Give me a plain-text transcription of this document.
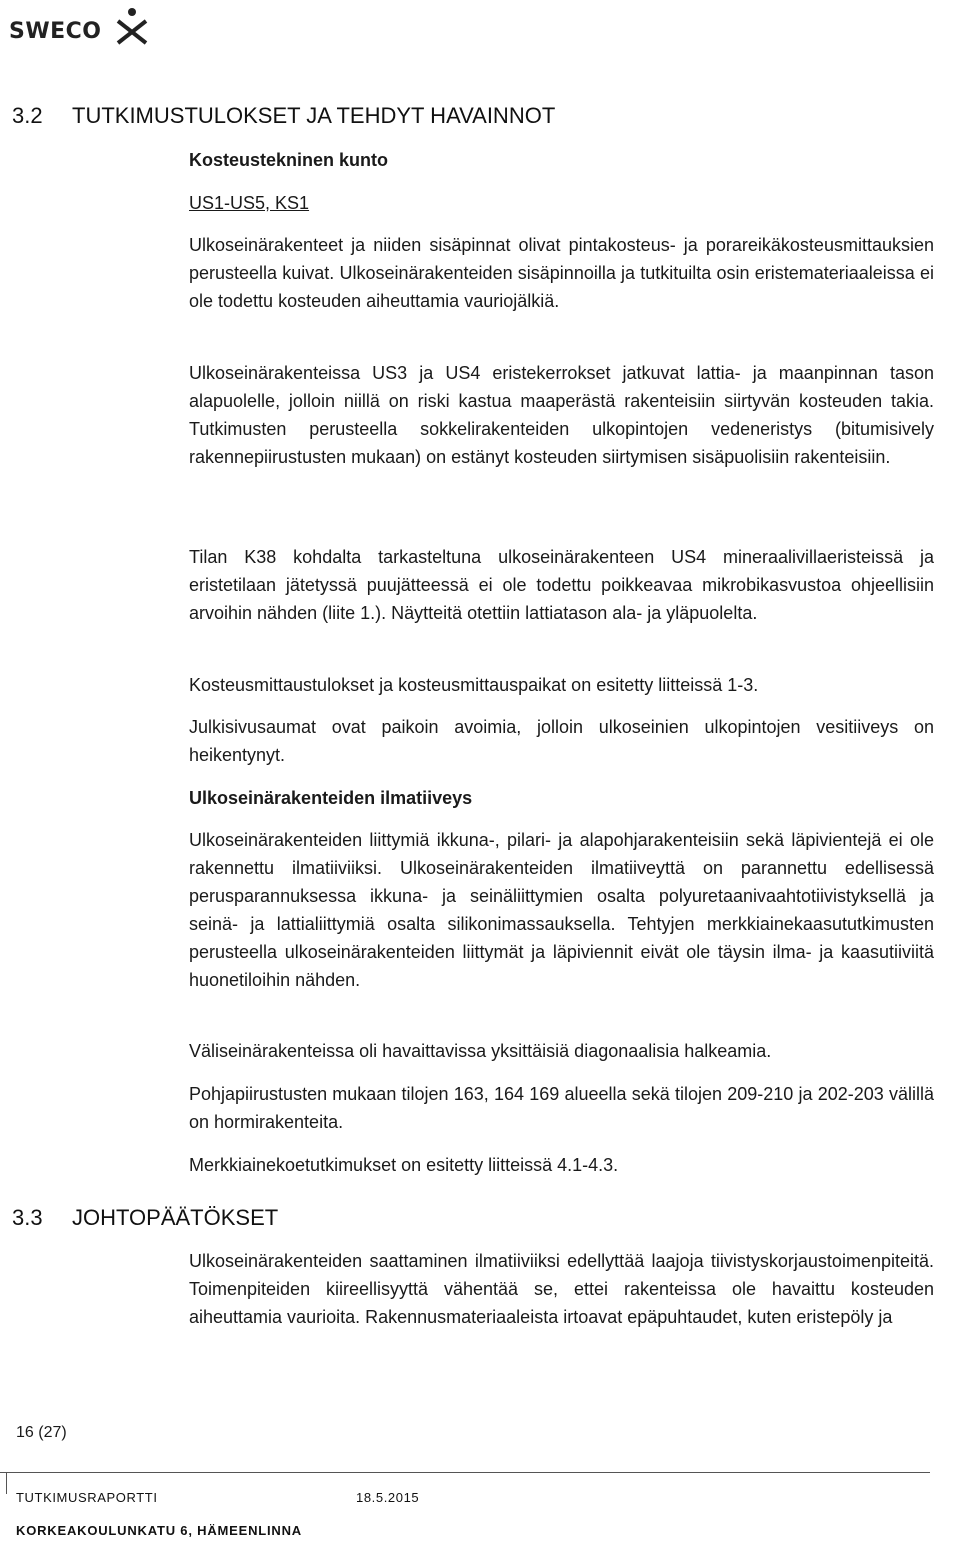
SWECO
3.2 TUTKIMUSTULOKSET JA TEHDYT HAVAINNOT
3.3 JOHTOPÄÄTÖKSET

Kosteustekninen kunto

US1-US5, KS1

Ulkoseinärakenteet ja niiden sisäpinnat olivat pintakosteus- ja porareikäkosteusmittauksien perusteella kuivat. Ulkoseinärakenteiden sisäpinnoilla ja tutkituilta osin eristemateriaaleissa ei ole todettu kosteuden aiheuttamia vauriojälkiä.

Ulkoseinärakenteissa US3 ja US4 eristekerrokset jatkuvat lattia- ja maanpinnan tason alapuolelle, jolloin niillä on riski kastua maaperästä rakenteisiin siirtyvän kosteuden takia. Tutkimusten perusteella sokkelirakenteiden ulkopintojen vedeneristys (bitumisively rakennepiirustusten mukaan) on estänyt kosteuden siirtymisen sisäpuolisiin rakenteisiin.

Tilan K38 kohdalta tarkasteltuna ulkoseinärakenteen US4 mineraalivillaeristeissä ja eristetilaan jätetyssä puujätteessä ei ole todettu poikkeavaa mikrobikasvustoa ohjeellisiin arvoihin nähden (liite 1.). Näytteitä otettiin lattiatason ala- ja yläpuolelta.

Kosteusmittaustulokset ja kosteusmittauspaikat on esitetty liitteissä 1-3.

Julkisivusaumat ovat paikoin avoimia, jolloin ulkoseinien ulkopintojen vesitiiveys on heikentynyt.

Ulkoseinärakenteiden ilmatiiveys

Ulkoseinärakenteiden liittymiä ikkuna-, pilari- ja alapohjarakenteisiin sekä läpivientejä ei ole rakennettu ilmatiiviiksi. Ulkoseinärakenteiden ilmatiiveyttä on parannettu edellisessä perusparannuksessa ikkuna- ja seinäliittymien osalta polyuretaanivaahtotiivistyksellä ja seinä- ja lattialiittymiä osalta silikonimassauksella. Tehtyjen merkkiainekaasututkimusten perusteella ulkoseinärakenteiden liittymät ja läpiviennit eivät ole täysin ilma- ja kaasutiiviitä huonetiloihin nähden.

Väliseinärakenteissa oli havaittavissa yksittäisiä diagonaalisia halkeamia.

Pohjapiirustusten mukaan tilojen 163, 164 169 alueella sekä tilojen 209-210 ja 202-203 välillä on hormirakenteita.

Merkkiainekoetutkimukset on esitetty liitteissä 4.1-4.3.

Ulkoseinärakenteiden saattaminen ilmatiiviiksi edellyttää laajoja tiivistyskorjaustoimenpiteitä. Toimenpiteiden kiireellisyyttä vähentää se, ettei rakenteissa ole havaittu kosteuden aiheuttamia vaurioita. Rakennusmateriaaleista irtoavat epäpuhtaudet, kuten eristepöly ja

16 (27)
TUTKIMUSRAPORTTI	18.5.2015
KORKEAKOULUNKATU 6, HÄMEENLINNA
